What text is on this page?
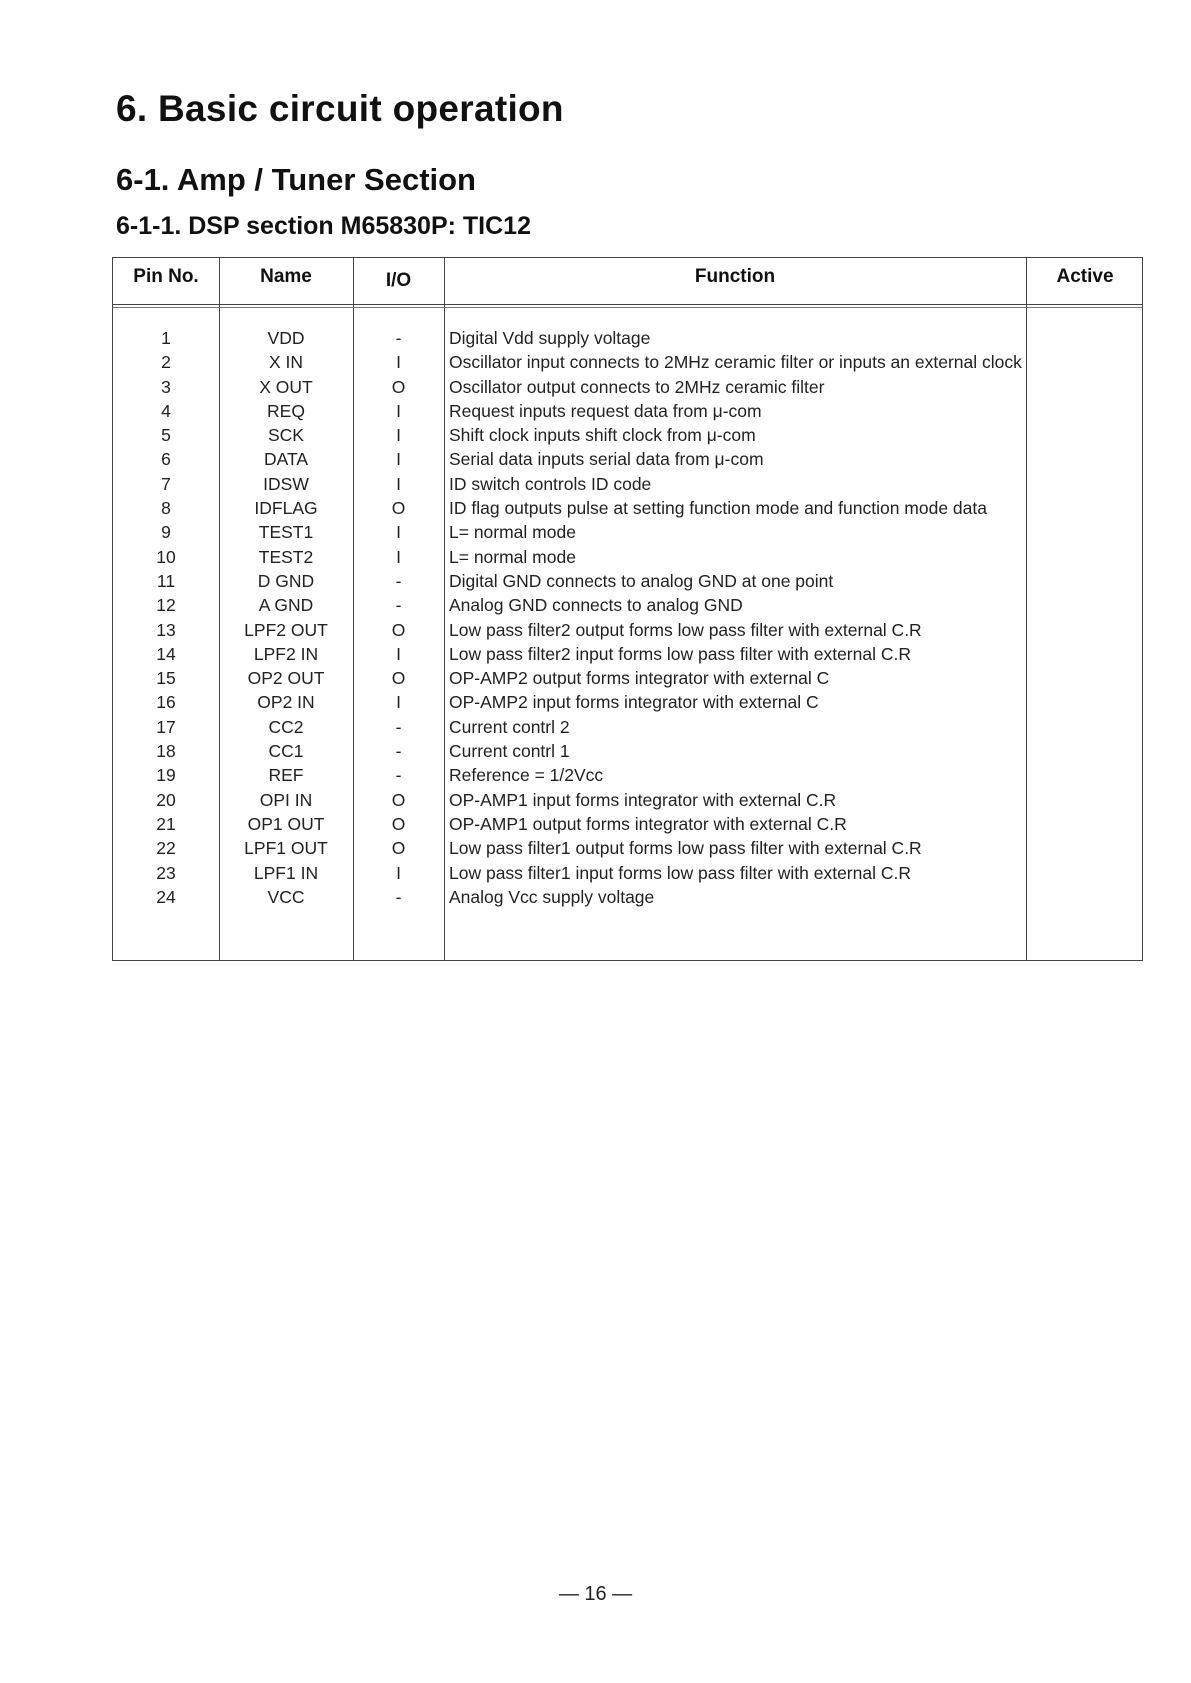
6. Basic circuit operation
6-1. Amp / Tuner Section
6-1-1. DSP section M65830P: TIC12
Pin No.	Name	I/O	Function	Active
1	VDD	-	Digital Vdd supply voltage
2	X IN	I	Oscillator input connects to 2MHz ceramic filter or inputs an external clock
3	X OUT	O	Oscillator output connects to 2MHz ceramic filter
4	REQ	I	Request inputs request data from μ-com
5	SCK	I	Shift clock inputs shift clock from μ-com
6	DATA	I	Serial data inputs serial data from μ-com
7	IDSW	I	ID switch controls ID code
8	IDFLAG	O	ID flag outputs pulse at setting function mode and function mode data
9	TEST1	I	L= normal mode
10	TEST2	I	L= normal mode
11	D GND	-	Digital GND connects to analog GND at one point
12	A GND	-	Analog GND connects to analog GND
13	LPF2 OUT	O	Low pass filter2 output forms low pass filter with external C.R
14	LPF2 IN	I	Low pass filter2 input forms low pass filter with external C.R
15	OP2 OUT	O	OP-AMP2 output forms integrator with external C
16	OP2 IN	I	OP-AMP2 input forms integrator with external C
17	CC2	-	Current contrl 2
18	CC1	-	Current contrl 1
19	REF	-	Reference = 1/2Vcc
20	OPI IN	O	OP-AMP1 input forms integrator with external C.R
21	OP1 OUT	O	OP-AMP1 output forms integrator with external C.R
22	LPF1 OUT	O	Low pass filter1 output forms low pass filter with external C.R
23	LPF1 IN	I	Low pass filter1 input forms low pass filter with external C.R
24	VCC	-	Analog Vcc supply voltage
— 16 —
